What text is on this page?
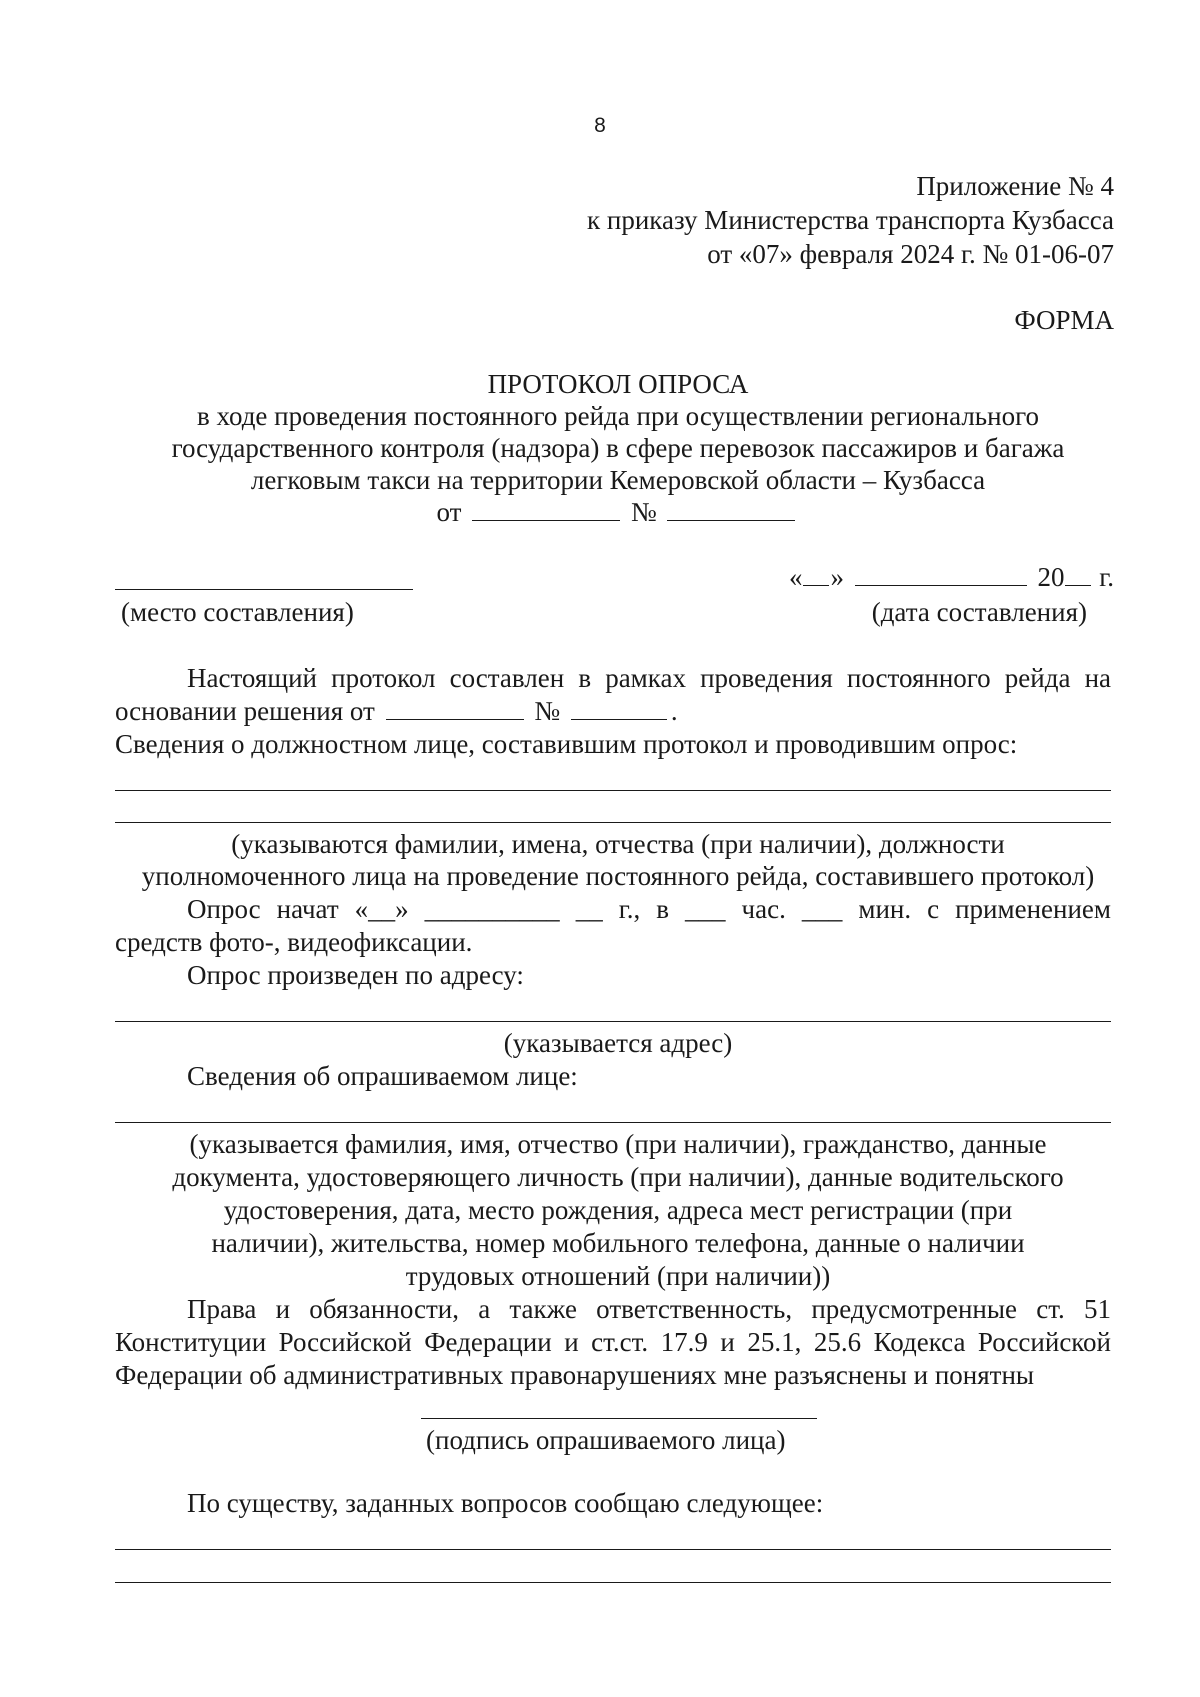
8
Приложение № 4
к приказу Министерства транспорта Кузбасса
от «07» февраля 2024 г. № 01-06-07
ФОРМА
ПРОТОКОЛ ОПРОСА
в ходе проведения постоянного рейда при осуществлении регионального
государственного контроля (надзора) в сфере перевозок пассажиров и багажа
легковым такси на территории Кемеровской области – Кузбасса
от	№
(место составления)
« »	20 г.
(дата составления)
Настоящий протокол составлен в рамках проведения постоянного рейда на
основании решения от	№	.
Сведения о должностном лице, составившим протокол и проводившим опрос:
(указываются фамилии, имена, отчества (при наличии), должности
уполномоченного лица на проведение постоянного рейда, составившего протокол)
Опрос начат «__» __________ __ г., в ___ час. ___ мин. с применением
средств фото-, видеофиксации.
Опрос произведен по адресу:
(указывается адрес)
Сведения об опрашиваемом лице:
(указывается фамилия, имя, отчество (при наличии), гражданство, данные
документа, удостоверяющего личность (при наличии), данные водительского
удостоверения, дата, место рождения, адреса мест регистрации (при
наличии), жительства, номер мобильного телефона, данные о наличии
трудовых отношений (при наличии))
Права и обязанности, а также ответственность, предусмотренные ст. 51
Конституции Российской Федерации и ст.ст. 17.9 и 25.1, 25.6 Кодекса Российской
Федерации об административных правонарушениях мне разъяснены и понятны
(подпись опрашиваемого лица)
По существу, заданных вопросов сообщаю следующее:
